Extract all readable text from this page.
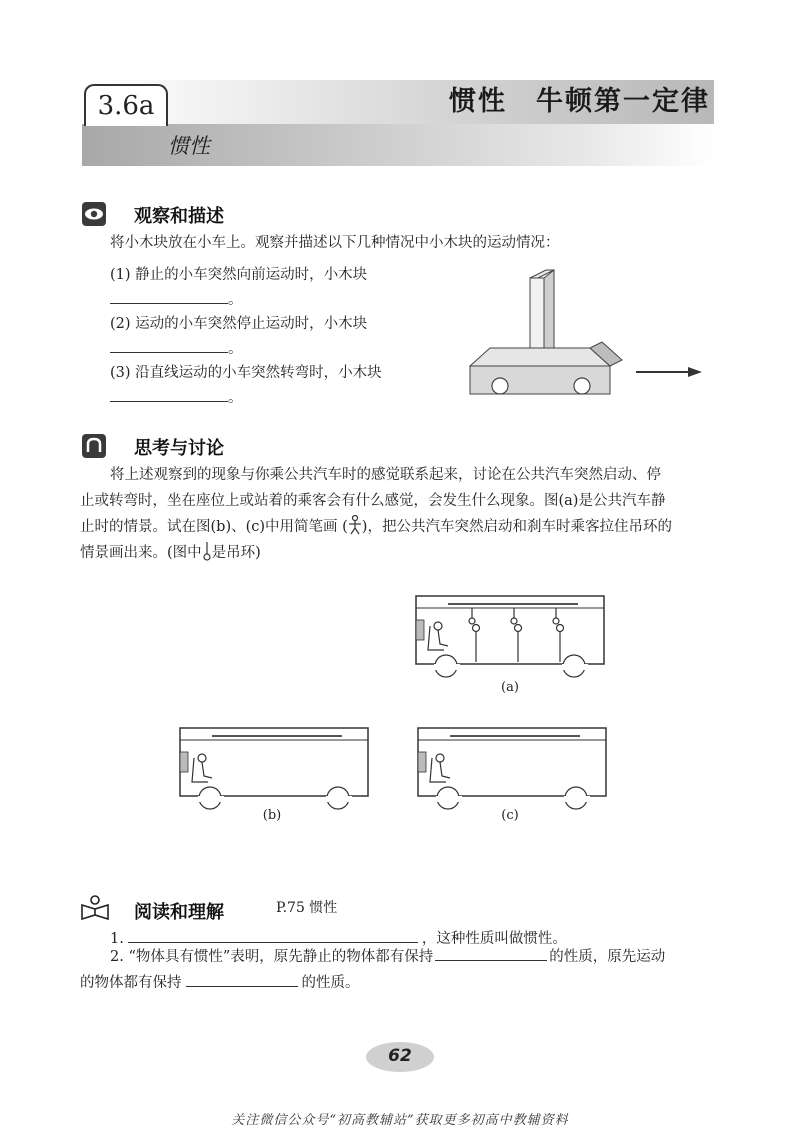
3.6a	惯性　牛顿第一定律
惯性
观察和描述
将小木块放在小车上。观察并描述以下几种情况中小木块的运动情况：
(1) 静止的小车突然向前运动时，小木块
。
(2) 运动的小车突然停止运动时，小木块
。
(3) 沿直线运动的小车突然转弯时，小木块
。
思考与讨论
将上述观察到的现象与你乘公共汽车时的感觉联系起来，讨论在公共汽车突然启动、停
止或转弯时，坐在座位上或站着的乘客会有什么感觉，会发生什么现象。图(a)是公共汽车静
止时的情景。试在图(b)、(c)中用简笔画 ( )，把公共汽车突然启动和刹车时乘客拉住吊环的
情景画出来。(图中 是吊环)
(a)
(b)	(c)
阅读和理解	P.75 惯性
1.	，这种性质叫做惯性。
2. “物体具有惯性”表明，原先静止的物体都有保持	的性质，原先运动
的物体都有保持	的性质。
62
关注微信公众号“初高教辅站”获取更多初高中教辅资料
